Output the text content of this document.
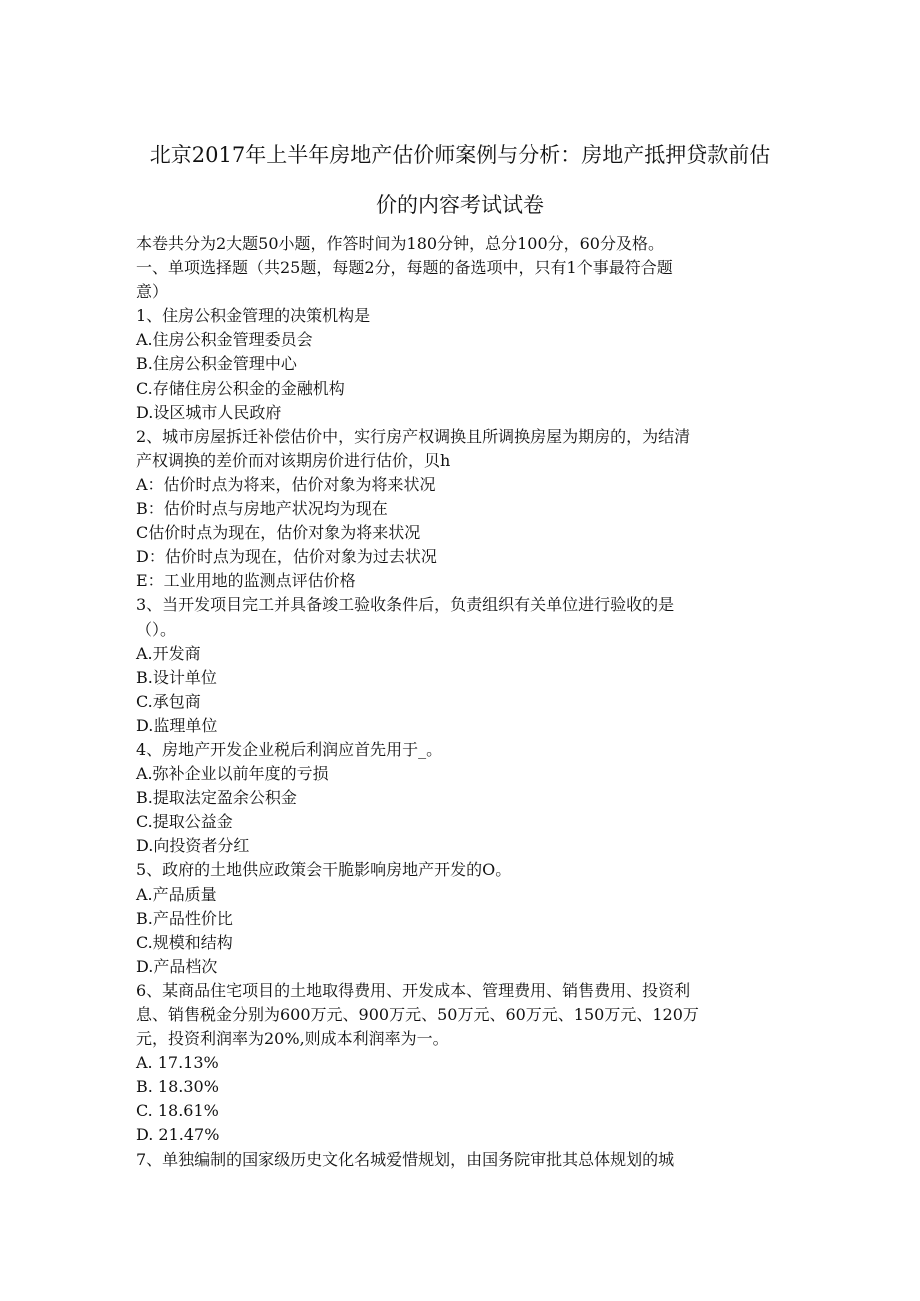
北京2017年上半年房地产估价师案例与分析：房地产抵押贷款前估
价的内容考试试卷
本卷共分为2大题50小题，作答时间为180分钟，总分100分，60分及格。
一、单项选择题（共25题，每题2分，每题的备选项中，只有1个事最符合题
意）
1、住房公积金管理的决策机构是
A.住房公积金管理委员会
B.住房公积金管理中心
C.存储住房公积金的金融机构
D.设区城市人民政府
2、城市房屋拆迁补偿估价中，实行房产权调换且所调换房屋为期房的，为结清
产权调换的差价而对该期房价进行估价，贝h
A：估价时点为将来，估价对象为将来状况
B：估价时点与房地产状况均为现在
C估价时点为现在，估价对象为将来状况
D：估价时点为现在，估价对象为过去状况
E：工业用地的监测点评估价格
3、当开发项目完工并具备竣工验收条件后，负责组织有关单位进行验收的是
（）。
A.开发商
B.设计单位
C.承包商
D.监理单位
4、房地产开发企业税后利润应首先用于_。
A.弥补企业以前年度的亏损
B.提取法定盈余公积金
C.提取公益金
D.向投资者分红
5、政府的土地供应政策会干脆影响房地产开发的O。
A.产品质量
B.产品性价比
C.规模和结构
D.产品档次
6、某商品住宅项目的土地取得费用、开发成本、管理费用、销售费用、投资利
息、销售税金分别为600万元、900万元、50万元、60万元、150万元、120万
元，投资利润率为20%,则成本利润率为一。
A. 17.13%
B. 18.30%
C. 18.61%
D. 21.47%
7、单独编制的国家级历史文化名城爱惜规划，由国务院审批其总体规划的城
